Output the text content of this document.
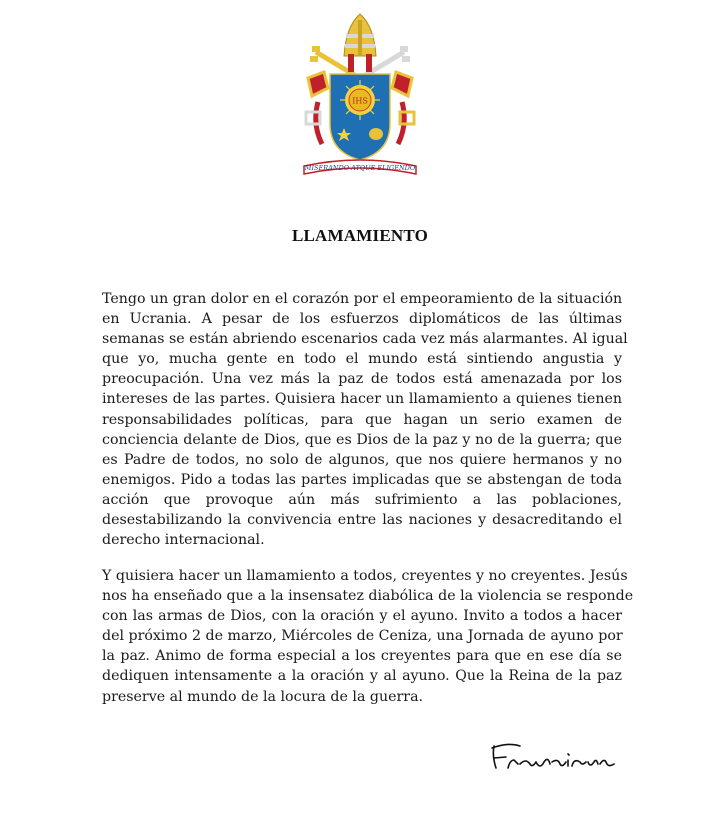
IHS
MISERANDO ATQUE ELIGENDO
LLAMAMIENTO
Tengo un gran dolor en el corazón por el empeoramiento de la situación
en Ucrania. A pesar de los esfuerzos diplomáticos de las últimas
semanas se están abriendo escenarios cada vez más alarmantes. Al igual
que yo, mucha gente en todo el mundo está sintiendo angustia y
preocupación. Una vez más la paz de todos está amenazada por los
intereses de las partes. Quisiera hacer un llamamiento a quienes tienen
responsabilidades políticas, para que hagan un serio examen de
conciencia delante de Dios, que es Dios de la paz y no de la guerra; que
es Padre de todos, no solo de algunos, que nos quiere hermanos y no
enemigos. Pido a todas las partes implicadas que se abstengan de toda
acción que provoque aún más sufrimiento a las poblaciones,
desestabilizando la convivencia entre las naciones y desacreditando el
derecho internacional.
Y quisiera hacer un llamamiento a todos, creyentes y no creyentes. Jesús
nos ha enseñado que a la insensatez diabólica de la violencia se responde
con las armas de Dios, con la oración y el ayuno. Invito a todos a hacer
del próximo 2 de marzo, Miércoles de Ceniza, una Jornada de ayuno por
la paz. Animo de forma especial a los creyentes para que en ese día se
dediquen intensamente a la oración y al ayuno. Que la Reina de la paz
preserve al mundo de la locura de la guerra.
